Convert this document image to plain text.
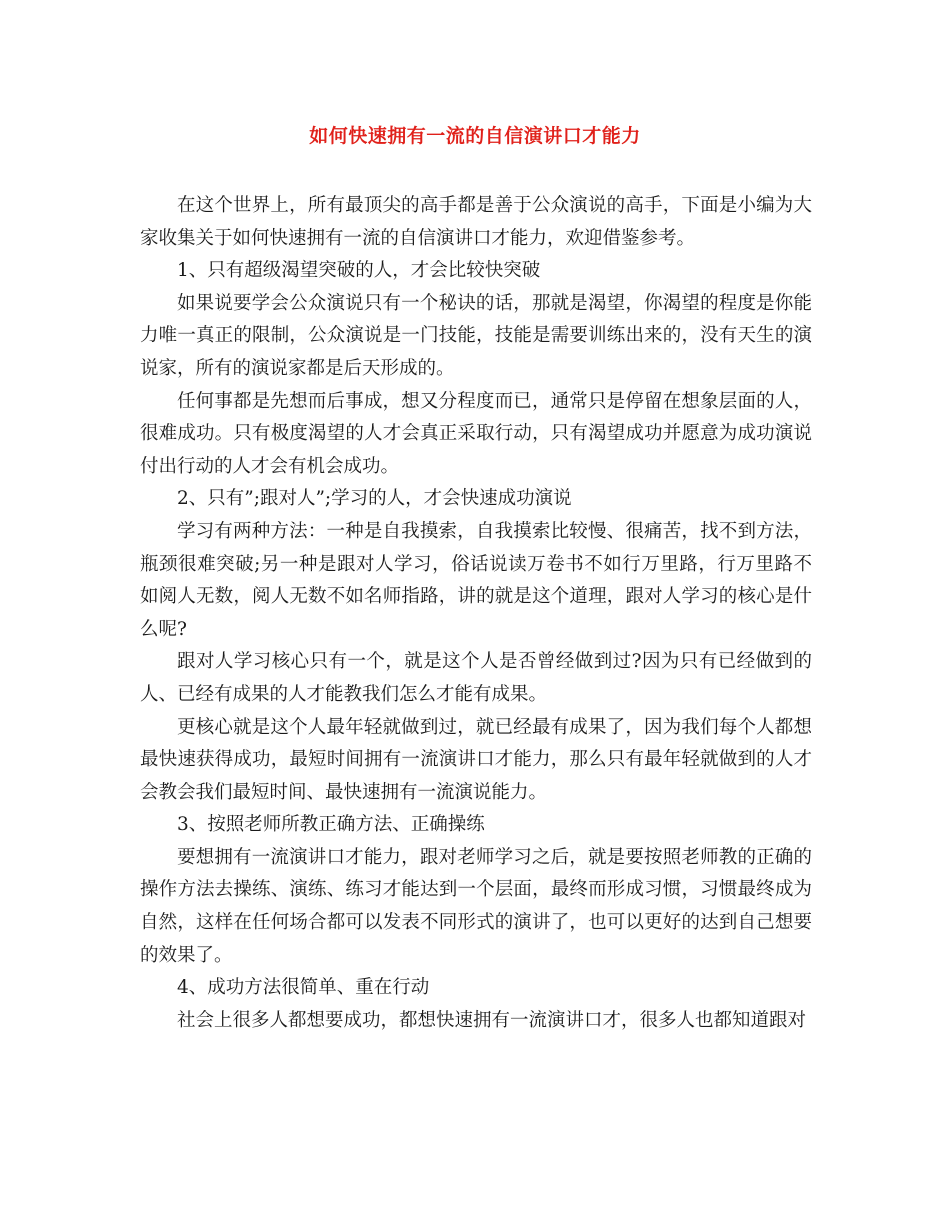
如何快速拥有一流的自信演讲口才能力

在这个世界上，所有最顶尖的高手都是善于公众演说的高手，下面是小编为大家收集关于如何快速拥有一流的自信演讲口才能力，欢迎借鉴参考。

1、只有超级渴望突破的人，才会比较快突破

如果说要学会公众演说只有一个秘诀的话，那就是渴望，你渴望的程度是你能力唯一真正的限制，公众演说是一门技能，技能是需要训练出来的，没有天生的演说家，所有的演说家都是后天形成的。

任何事都是先想而后事成，想又分程度而已，通常只是停留在想象层面的人，很难成功。只有极度渴望的人才会真正采取行动，只有渴望成功并愿意为成功演说付出行动的人才会有机会成功。

2、只有”;跟对人”;学习的人，才会快速成功演说

学习有两种方法：一种是自我摸索，自我摸索比较慢、很痛苦，找不到方法，瓶颈很难突破;另一种是跟对人学习，俗话说读万卷书不如行万里路，行万里路不如阅人无数，阅人无数不如名师指路，讲的就是这个道理，跟对人学习的核心是什么呢?

跟对人学习核心只有一个，就是这个人是否曾经做到过?因为只有已经做到的人、已经有成果的人才能教我们怎么才能有成果。

更核心就是这个人最年轻就做到过，就已经最有成果了，因为我们每个人都想最快速获得成功，最短时间拥有一流演讲口才能力，那么只有最年轻就做到的人才会教会我们最短时间、最快速拥有一流演说能力。

3、按照老师所教正确方法、正确操练

要想拥有一流演讲口才能力，跟对老师学习之后，就是要按照老师教的正确的操作方法去操练、演练、练习才能达到一个层面，最终而形成习惯，习惯最终成为自然，这样在任何场合都可以发表不同形式的演讲了，也可以更好的达到自己想要的效果了。

4、成功方法很简单、重在行动

社会上很多人都想要成功，都想快速拥有一流演讲口才，很多人也都知道跟对
